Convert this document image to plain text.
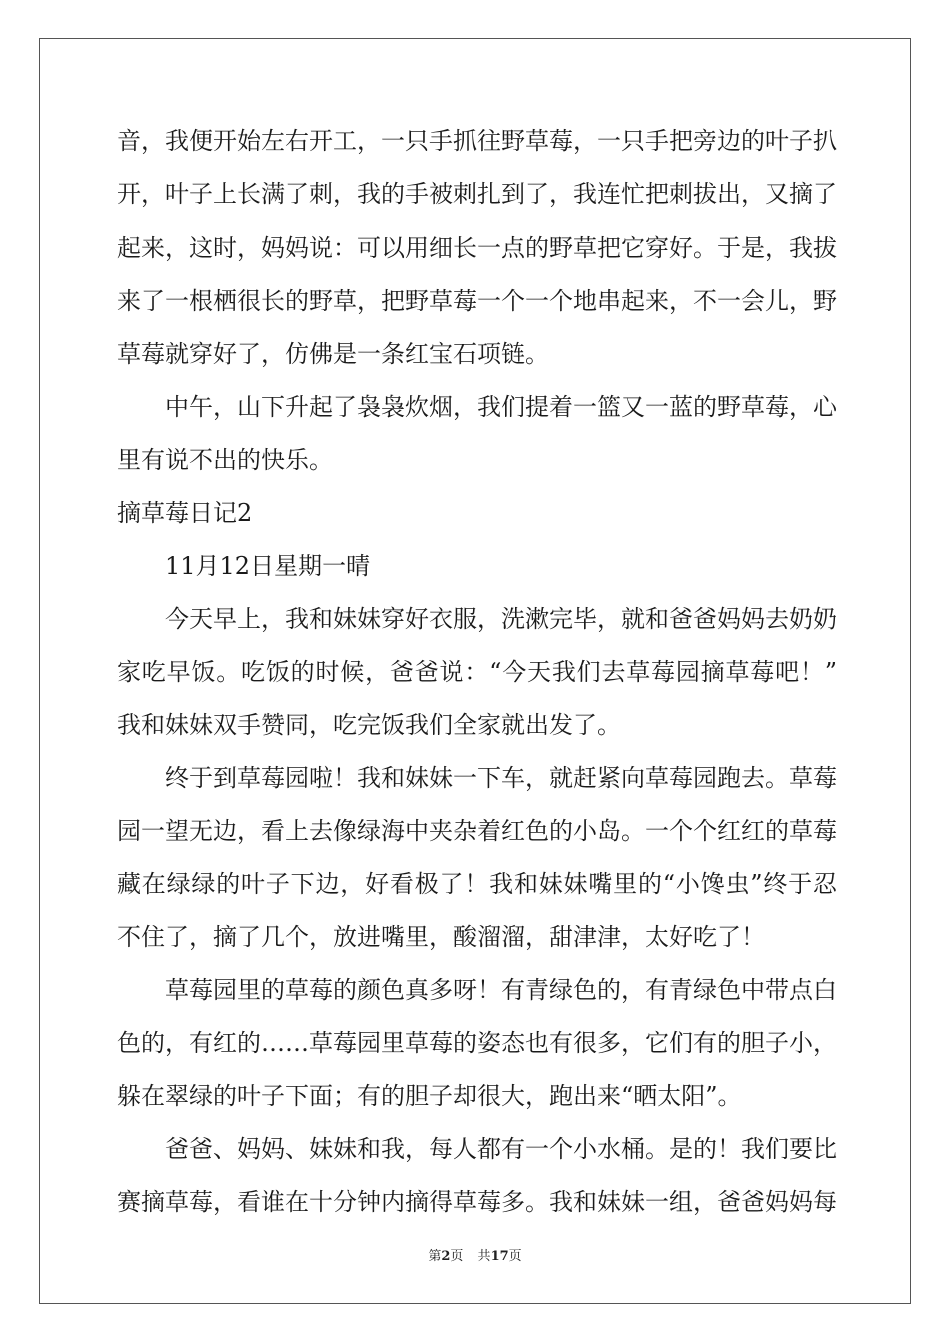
音，我便开始左右开工，一只手抓往野草莓，一只手把旁边的叶子扒
开，叶子上长满了刺，我的手被刺扎到了，我连忙把刺拔出，又摘了
起来，这时，妈妈说：可以用细长一点的野草把它穿好。于是，我拔
来了一根栖很长的野草，把野草莓一个一个地串起来，不一会儿，野
草莓就穿好了，仿佛是一条红宝石项链。
中午，山下升起了袅袅炊烟，我们提着一篮又一蓝的野草莓，心
里有说不出的快乐。
摘草莓日记2
11月12日星期一晴
今天早上，我和妹妹穿好衣服，洗漱完毕，就和爸爸妈妈去奶奶
家吃早饭。吃饭的时候，爸爸说：“今天我们去草莓园摘草莓吧！”
我和妹妹双手赞同，吃完饭我们全家就出发了。
终于到草莓园啦！我和妹妹一下车，就赶紧向草莓园跑去。草莓
园一望无边，看上去像绿海中夹杂着红色的小岛。一个个红红的草莓
藏在绿绿的叶子下边，好看极了！我和妹妹嘴里的“小馋虫”终于忍
不住了，摘了几个，放进嘴里，酸溜溜，甜津津，太好吃了！
草莓园里的草莓的颜色真多呀！有青绿色的，有青绿色中带点白
色的，有红的……草莓园里草莓的姿态也有很多，它们有的胆子小，
躲在翠绿的叶子下面；有的胆子却很大，跑出来“晒太阳”。
爸爸、妈妈、妹妹和我，每人都有一个小水桶。是的！我们要比
赛摘草莓，看谁在十分钟内摘得草莓多。我和妹妹一组，爸爸妈妈每
第2页 共17页
